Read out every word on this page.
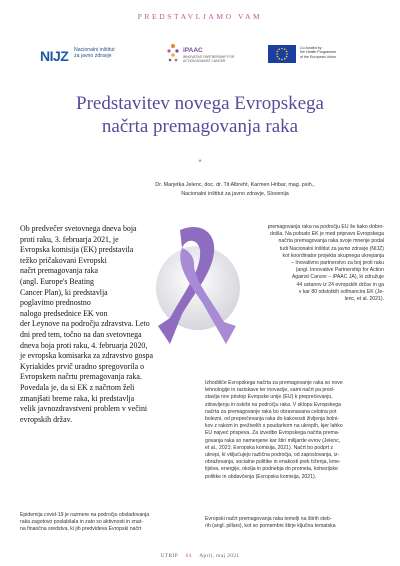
PREDSTAVLJAMO VAM
NIJZ Nacionalni inštitut
za javno zdravje
iPAAC
INNOVATIVE PARTNERSHIP FOR ACTION AGAINST CANCER
Co-funded by
the Health Programme
of the European Union
Predstavitev novega Evropskega
načrta premagovanja raka
*
Dr. Marjetka Jelenc, doc. dr. Tit Albreht, Karmen Hribar, mag. psih.,
Nacionalni inštitut za javno zdravje, Slovenija
Ob predvečer svetovnega dneva boja
proti raku, 3. februarja 2021, je
Evropska komisija (EK) predstavila
težko pričakovani Evropski
načrt premagovanja raka
(angl. Europe's Beating
Cancer Plan), ki predstavlja
poglavitno prednostno
nalogo predsednice EK von
der Leynove na področju zdravstva. Leto
dni pred tem, točno na dan svetovnega
dneva boja proti raku, 4. februarja 2020,
je evropska komisarka za zdravstvo gospa
Kyriakides prvič uradno spregovorila o
Evropskem načrtu premagovanja raka.
Povedala je, da si EK z načrtom želi
zmanjšati breme raka, ki predstavlja
velik javnozdravstveni problem v večini
evropskih držav.
premagovanja raka na področju EU še kako dobro-
došla. Na pobudo EK je med pripravo Evropskega
načrta premagovanja raka svoje mnenje podal
tudi Nacionalni inštitut za javno zdravje (NIJZ)
kot koordinator projekta skupnega ukrepanja
– Inovativno partnerstvo za boj proti raku
(angl. Innovative Partnership for Action
Against Cancer – iPAAC JA), ki združuje
44 ustanov iz 24 evropskih držav in ga
v kar 80 odstotkih sofinancira EK (Je-
lenc, et al. 2021).
Izhodišče Evropskega načrta za premagovanje raka so nove
tehnologije in raziskave ter inovacije, sami načrt pa pred-
stavlja nov pristop Evropske unije (EU) k preprečevanju,
zdravljenju in oskrbi na področju raka. V sklopu Evropskega
načrta za premagovanje raka bo obravnavana celotna pot
bolezni, od preprečevanja raka do kakovosti življenja bolni-
kov z rakom in preživelih s poudarkom na ukrepih, kjer lahko
EU najveć prispeva. Za izvedbo Evropskega načrta prema-
govanja raka so namenjene kar štiri milijarde evrov (Jelenc,
et al., 2021; Evropska komisija, 2021). Načrt bo podprt z
ukrepi, ki vključujejo različna področja, od zaposlovanja, iz-
obraževanja, socialne politike in enakosti prek trženja, kme-
tijstva, energije, okolja in podnebja do prometa, kohezijske
politike in obdavčenja (Evropska komisija, 2021).
Evropski načrt premagovanja raka temelji na štirih steb-
rih (angl. pillars), kot so pomembni štirje ključna tematska
Epidemija covid-19 je razmere na področju obvladovanja
raka zagotovo poslabšala in zato so aktivnosti in znat-
na finančna sredstva, ki jih predvideva Evropski načrt
UTRIP 64 April, maj 2021
